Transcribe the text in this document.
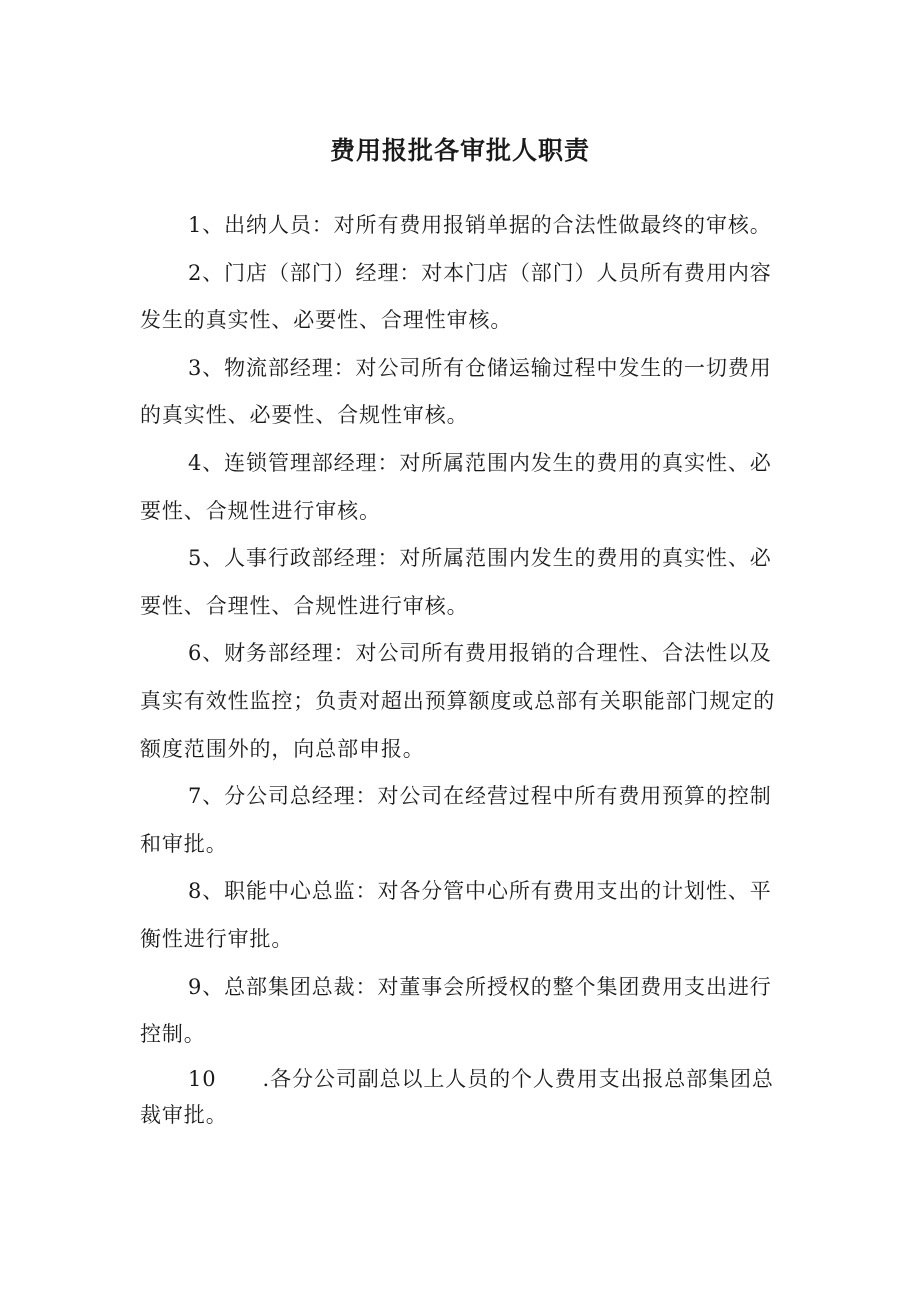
费用报批各审批人职责

1、出纳人员：对所有费用报销单据的合法性做最终的审核。

2、门店（部门）经理：对本门店（部门）人员所有费用内容发生的真实性、必要性、合理性审核。

3、物流部经理：对公司所有仓储运输过程中发生的一切费用的真实性、必要性、合规性审核。

4、连锁管理部经理：对所属范围内发生的费用的真实性、必要性、合规性进行审核。

5、人事行政部经理：对所属范围内发生的费用的真实性、必要性、合理性、合规性进行审核。

6、财务部经理：对公司所有费用报销的合理性、合法性以及真实有效性监控；负责对超出预算额度或总部有关职能部门规定的额度范围外的，向总部申报。

7、分公司总经理：对公司在经营过程中所有费用预算的控制和审批。

8、职能中心总监：对各分管中心所有费用支出的计划性、平衡性进行审批。

9、总部集团总裁：对董事会所授权的整个集团费用支出进行控制。

10 .各分公司副总以上人员的个人费用支出报总部集团总裁审批。
